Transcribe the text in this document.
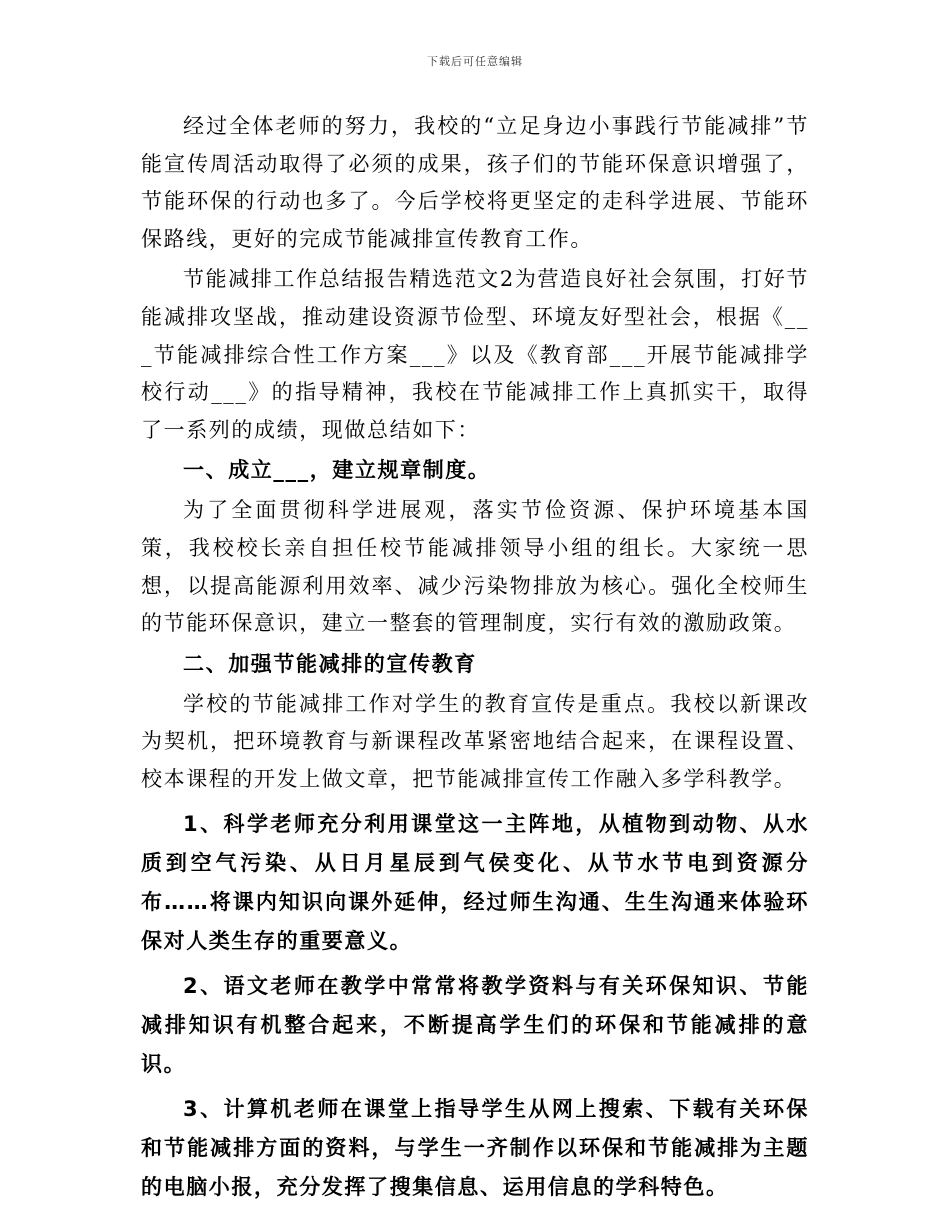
下载后可任意编辑

经过全体老师的努力，我校的“立足身边小事践行节能减排”节能宣传周活动取得了必须的成果，孩子们的节能环保意识增强了，节能环保的行动也多了。今后学校将更坚定的走科学进展、节能环保路线，更好的完成节能减排宣传教育工作。

节能减排工作总结报告精选范文2为营造良好社会氛围，打好节能减排攻坚战，推动建设资源节俭型、环境友好型社会，根据《___节能减排综合性工作方案___》以及《教育部___开展节能减排学校行动___》的指导精神，我校在节能减排工作上真抓实干，取得了一系列的成绩，现做总结如下：

一、成立___，建立规章制度。

为了全面贯彻科学进展观，落实节俭资源、保护环境基本国策，我校校长亲自担任校节能减排领导小组的组长。大家统一思想，以提高能源利用效率、减少污染物排放为核心。强化全校师生的节能环保意识，建立一整套的管理制度，实行有效的激励政策。

二、加强节能减排的宣传教育

学校的节能减排工作对学生的教育宣传是重点。我校以新课改为契机，把环境教育与新课程改革紧密地结合起来，在课程设置、校本课程的开发上做文章，把节能减排宣传工作融入多学科教学。

1、科学老师充分利用课堂这一主阵地，从植物到动物、从水质到空气污染、从日月星辰到气侯变化、从节水节电到资源分布……将课内知识向课外延伸，经过师生沟通、生生沟通来体验环保对人类生存的重要意义。

2、语文老师在教学中常常将教学资料与有关环保知识、节能减排知识有机整合起来，不断提高学生们的环保和节能减排的意识。

3、计算机老师在课堂上指导学生从网上搜索、下载有关环保和节能减排方面的资料，与学生一齐制作以环保和节能减排为主题的电脑小报，充分发挥了搜集信息、运用信息的学科特色。
